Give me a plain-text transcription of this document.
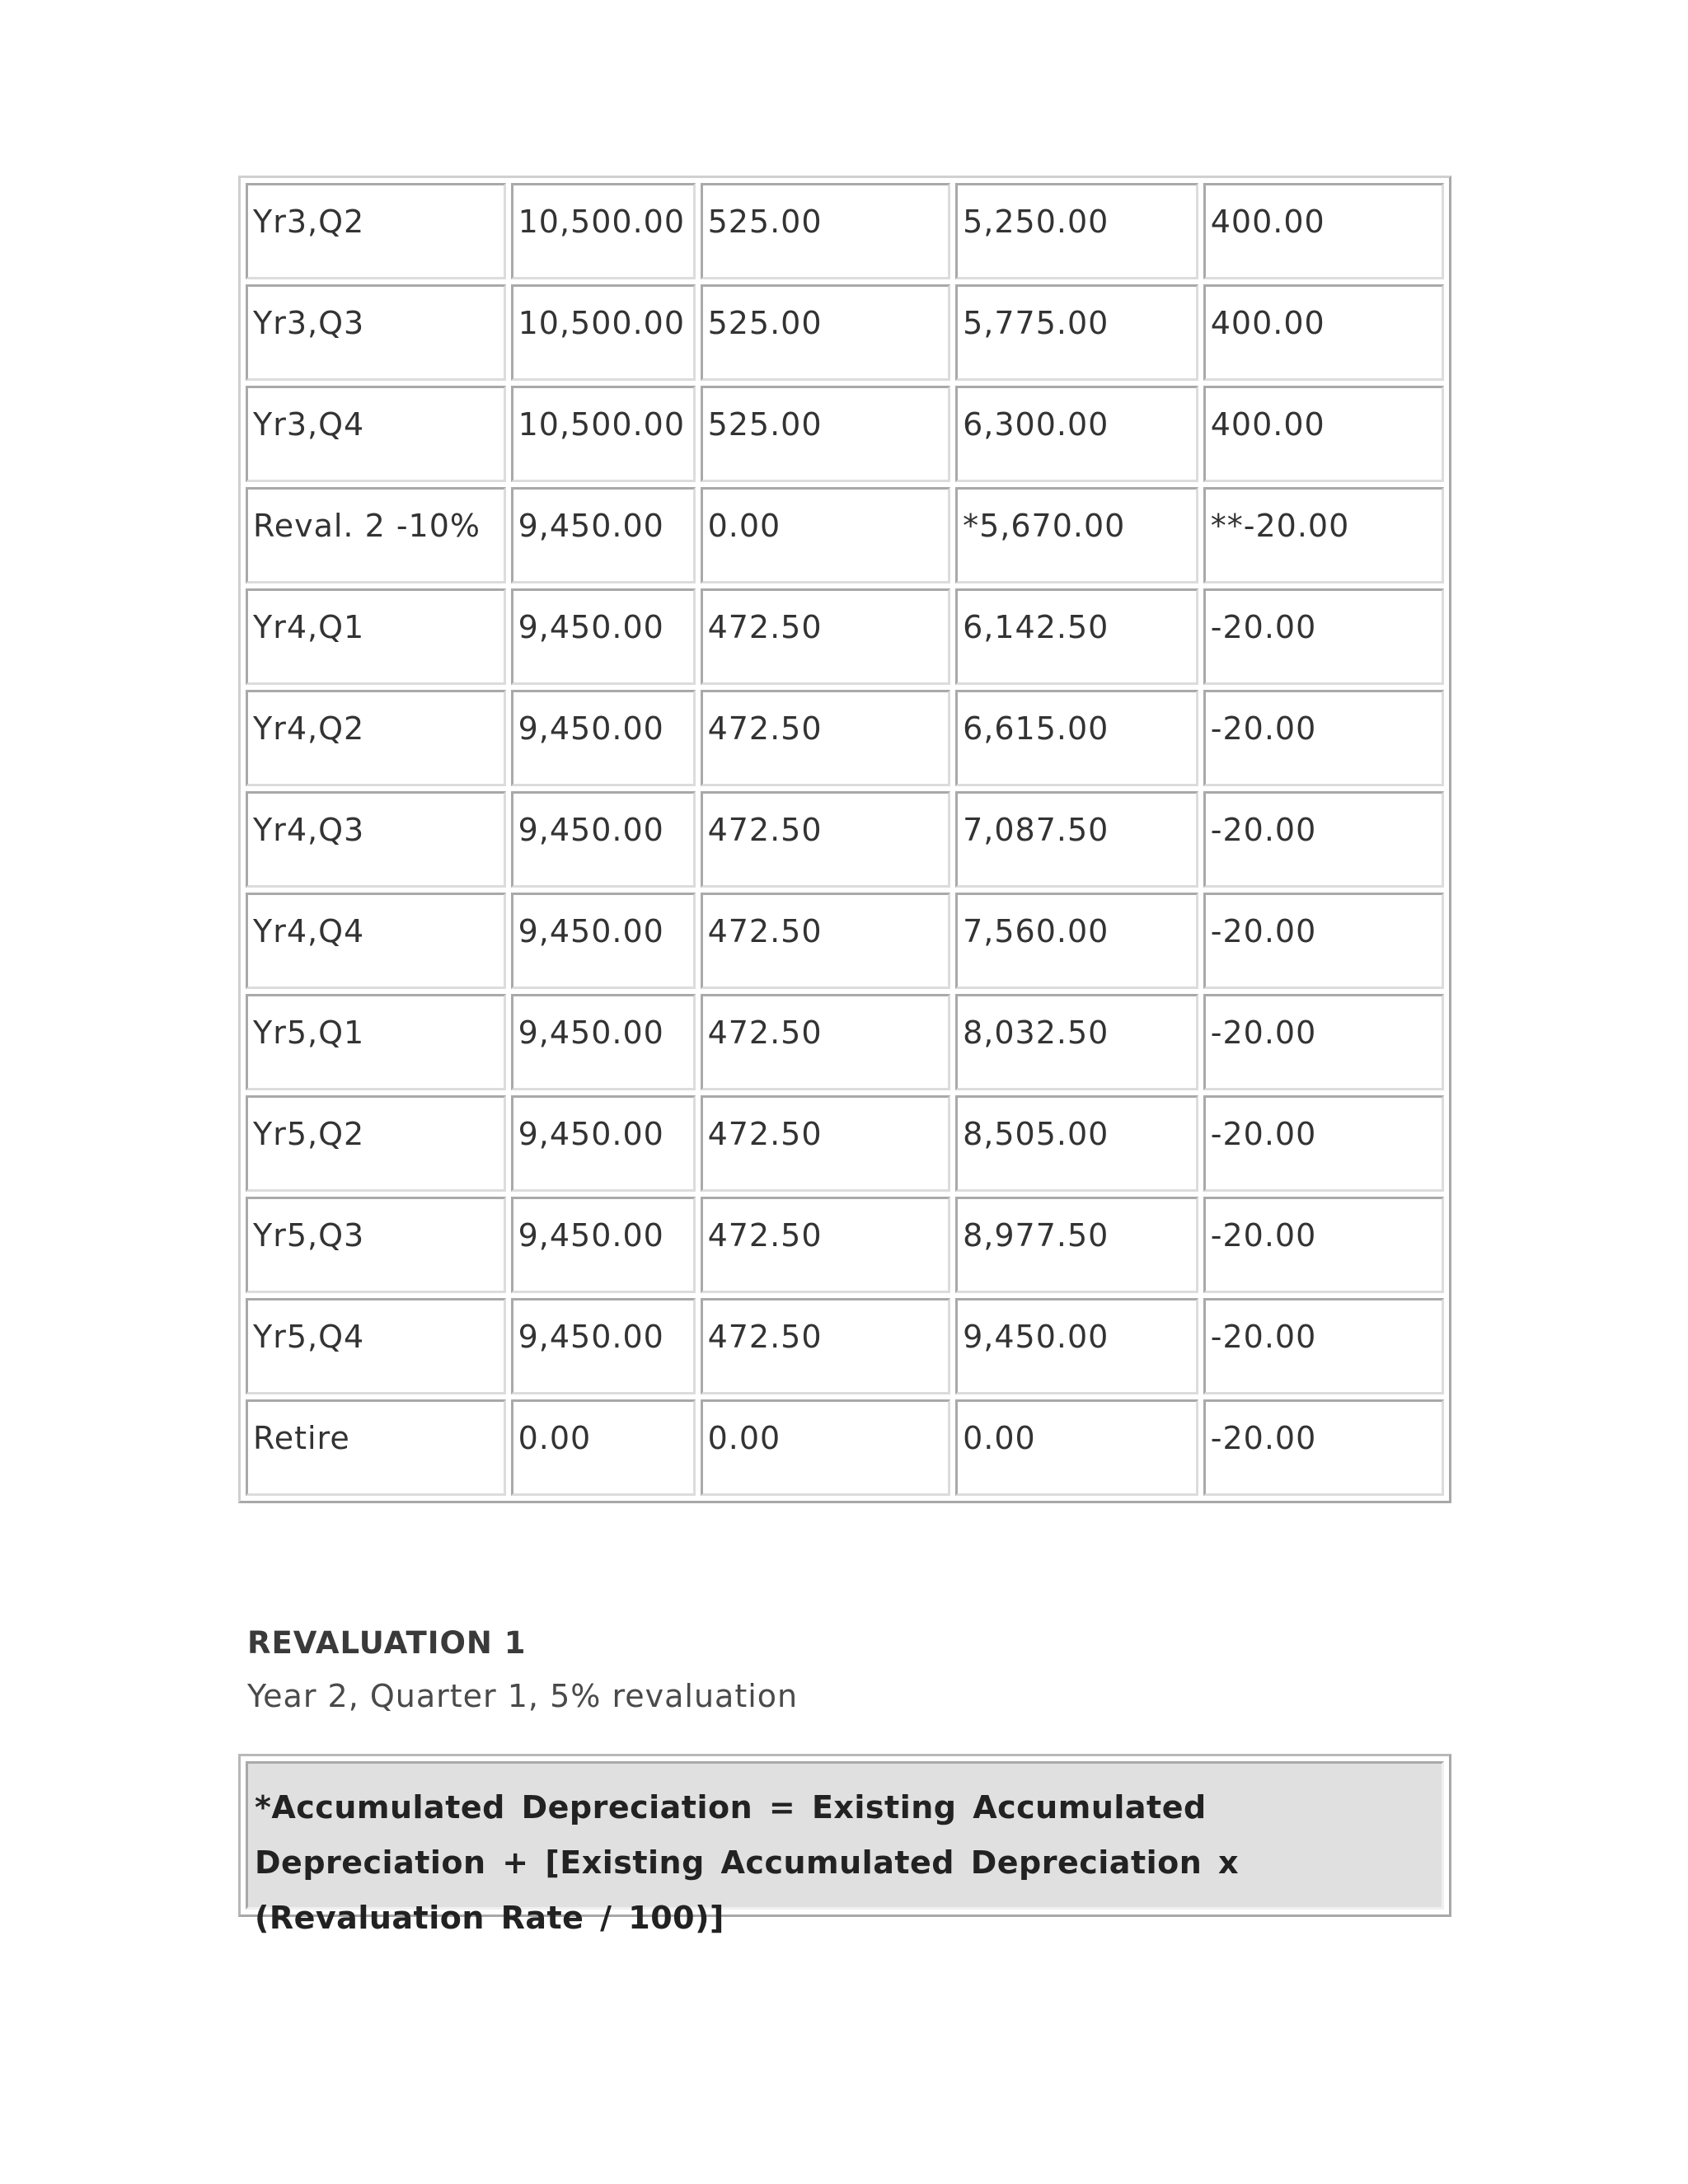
Yr3,Q2	10,500.00	525.00	5,250.00	400.00
Yr3,Q3	10,500.00	525.00	5,775.00	400.00
Yr3,Q4	10,500.00	525.00	6,300.00	400.00
Reval. 2 -10%	9,450.00	0.00	*5,670.00	**-20.00
Yr4,Q1	9,450.00	472.50	6,142.50	-20.00
Yr4,Q2	9,450.00	472.50	6,615.00	-20.00
Yr4,Q3	9,450.00	472.50	7,087.50	-20.00
Yr4,Q4	9,450.00	472.50	7,560.00	-20.00
Yr5,Q1	9,450.00	472.50	8,032.50	-20.00
Yr5,Q2	9,450.00	472.50	8,505.00	-20.00
Yr5,Q3	9,450.00	472.50	8,977.50	-20.00
Yr5,Q4	9,450.00	472.50	9,450.00	-20.00
Retire	0.00	0.00	0.00	-20.00
REVALUATION 1
Year 2, Quarter 1, 5% revaluation
*Accumulated Depreciation = Existing Accumulated Depreciation + [Existing Accumulated Depreciation x (Revaluation Rate / 100)]
